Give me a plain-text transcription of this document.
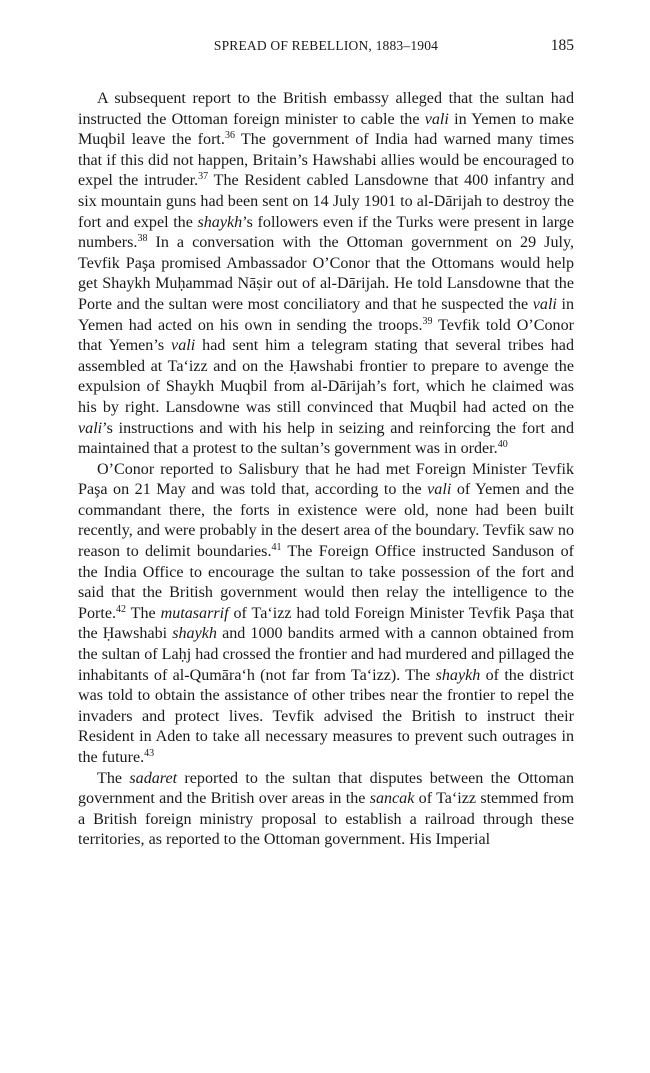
SPREAD OF REBELLION, 1883–1904	185

A subsequent report to the British embassy alleged that the sultan had instructed the Ottoman foreign minister to cable the vali in Yemen to make Muqbil leave the fort.$^{36}$ The government of India had warned many times that if this did not happen, Britain’s Hawshabi allies would be encouraged to expel the intruder.$^{37}$ The Resident cabled Lansdowne that 400 infantry and six mountain guns had been sent on 14 July 1901 to al-Dārijah to destroy the fort and expel the shaykh’s followers even if the Turks were present in large numbers.$^{38}$ In a conversation with the Ottoman government on 29 July, Tevfik Paşa promised Ambassador O’Conor that the Ottomans would help get Shaykh Muḥammad Nāṣir out of al-Dārijah. He told Lansdowne that the Porte and the sultan were most conciliatory and that he suspected the vali in Yemen had acted on his own in sending the troops.$^{39}$ Tevfik told O’Conor that Yemen’s vali had sent him a telegram stating that several tribes had assembled at Ta‘izz and on the Ḥawshabi frontier to prepare to avenge the expulsion of Shaykh Muqbil from al-Dārijah’s fort, which he claimed was his by right. Lansdowne was still convinced that Muqbil had acted on the vali’s instructions and with his help in seizing and reinforcing the fort and maintained that a protest to the sultan’s government was in order.$^{40}$

O’Conor reported to Salisbury that he had met Foreign Minister Tevfik Paşa on 21 May and was told that, according to the vali of Yemen and the commandant there, the forts in existence were old, none had been built recently, and were probably in the desert area of the boundary. Tevfik saw no reason to delimit boundaries.$^{41}$ The Foreign Office instructed Sanduson of the India Office to encourage the sultan to take possession of the fort and said that the British government would then relay the intelligence to the Porte.$^{42}$ The mutasarrif of Ta‘izz had told Foreign Minister Tevfik Paşa that the Ḥawshabi shaykh and 1000 bandits armed with a cannon obtained from the sultan of Laḥj had crossed the frontier and had murdered and pillaged the inhabitants of al-Qumāra‘h (not far from Ta‘izz). The shaykh of the district was told to obtain the assistance of other tribes near the frontier to repel the invaders and protect lives. Tevfik advised the British to instruct their Resident in Aden to take all necessary measures to prevent such outrages in the future.$^{43}$

The sadaret reported to the sultan that disputes between the Ottoman government and the British over areas in the sancak of Ta‘izz stemmed from a British foreign ministry proposal to establish a railroad through these territories, as reported to the Ottoman government. His Imperial
